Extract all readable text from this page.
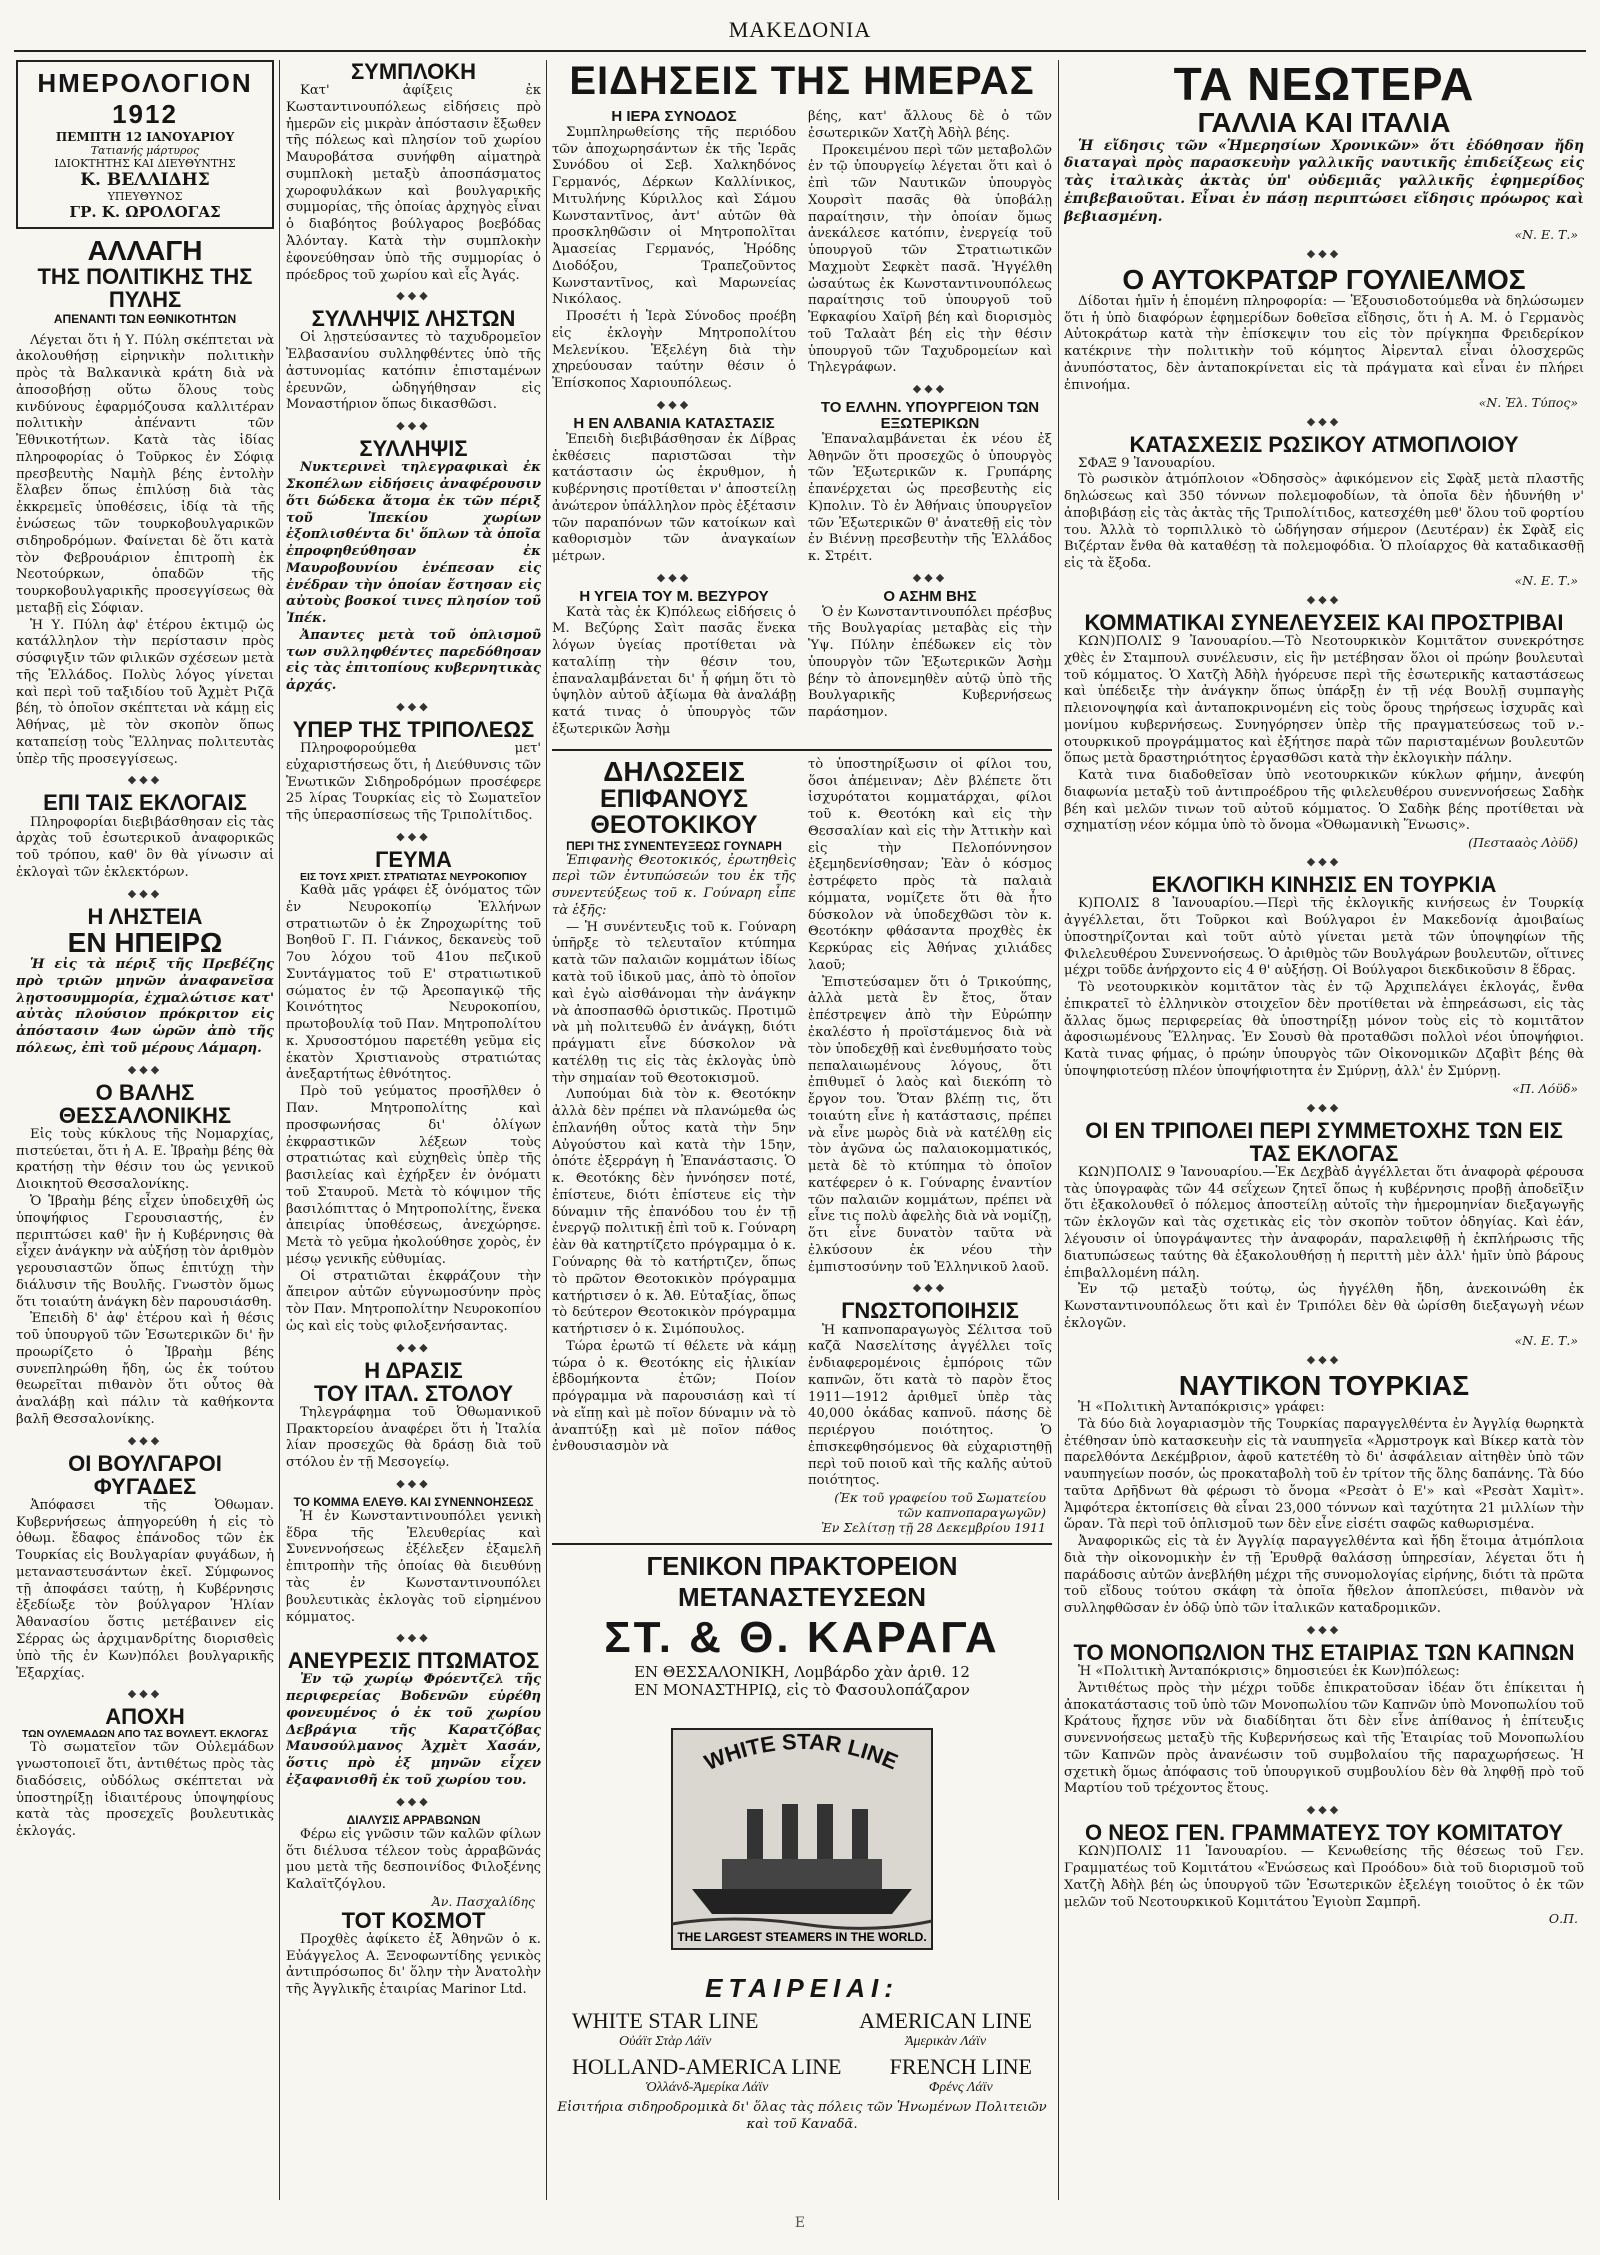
ΜΑΚΕΔΟΝΙΑ
ΗΜΕΡΟΛΟΓΙΟΝ
1912
ΠΕΜΠΤΗ 12 ΙΑΝΟΥΑΡΙΟΥ
Τατιανής μάρτυρος
ΙΔΙΟΚΤΗΤΗΣ ΚΑΙ ΔΙΕΥΘΥΝΤΗΣ
Κ. ΒΕΛΛΙΔΗΣ
ΥΠΕΥΘΥΝΟΣ
ΓΡ. Κ. ΩΡΟΛΟΓΑΣ
ΑΛΛΑΓΗ
ΤΗΣ ΠΟΛΙΤΙΚΗΣ ΤΗΣ ΠΥΛΗΣ
ΑΠΕΝΑΝΤΙ ΤΩΝ ΕΘΝΙΚΟΤΗΤΩΝ

Λέγεται ὅτι ἡ Υ. Πύλη σκέπτεται νὰ ἀκολουθήσῃ εἰρηνικὴν πολιτικὴν πρὸς τὰ Βαλκανικὰ κράτη διὰ νὰ ἀποσοβήσῃ οὕτω ὅλους τοὺς κινδύνους ἐφαρμόζουσα καλλιτέραν πολιτικὴν ἀπέναντι τῶν Ἐθνικοτήτων. Κατὰ τὰς ἰδίας πληροφορίας ὁ Τοῦρκος ἐν Σόφιᾳ πρεσβευτὴς Ναμὴλ βέης ἐντολὴν ἔλαβεν ὅπως ἐπιλύσῃ διὰ τὰς ἐκκρεμεῖς ὑποθέσεις, ἰδίᾳ τὰ τῆς ἐνώσεως τῶν τουρκοβουλγαρικῶν σιδηροδρόμων. Φαίνεται δὲ ὅτι κατὰ τὸν Φεβρουάριον ἐπιτροπὴ ἐκ Νεοτούρκων, ὁπαδῶν τῆς τουρκοβουλγαρικῆς προσεγγίσεως θὰ μεταβῇ εἰς Σόφιαν.

Ἡ Υ. Πύλη ἀφ' ἑτέρου ἐκτιμῷ ὡς κατάλληλον τὴν περίστασιν πρὸς σύσφιγξιν τῶν φιλικῶν σχέσεων μετὰ τῆς Ἑλλάδος. Πολὺς λόγος γίνεται καὶ περὶ τοῦ ταξιδίου τοῦ Ἀχμὲτ Ριζᾶ βέη, τὸ ὁποῖον σκέπτεται νὰ κάμῃ εἰς Ἀθήνας, μὲ τὸν σκοπὸν ὅπως καταπείσῃ τοὺς Ἕλληνας πολιτευτὰς ὑπὲρ τῆς προσεγγίσεως.

◆◆◆
ΕΠΙ ΤΑΙΣ ΕΚΛΟΓΑΙΣ

Πληροφορίαι διεβιβάσθησαν εἰς τὰς ἀρχὰς τοῦ ἐσωτερικοῦ ἀναφορικῶς τοῦ τρόπου, καθ' ὃν θὰ γίνωσιν αἱ ἐκλογαὶ τῶν ἐκλεκτόρων.

◆◆◆
Η ΛΗΣΤΕΙΑ
ΕΝ ΗΠΕΙΡΩ

Ἡ εἰς τὰ πέριξ τῆς Πρεβέζης πρὸ τριῶν μηνῶν ἀναφανεῖσα λῃστοσυμμορία, ἐχμαλώτισε κατ' αὐτὰς πλούσιον πρόκριτον εἰς ἀπόστασιν 4ων ὡρῶν ἀπὸ τῆς πόλεως, ἐπὶ τοῦ μέρους Λάμαρη.

◆◆◆
Ο ΒΑΛΗΣ ΘΕΣΣΑΛΟΝΙΚΗΣ

Εἰς τοὺς κύκλους τῆς Νομαρχίας, πιστεύεται, ὅτι ἡ Α. Ε. Ἰβραὴμ βέης θὰ κρατήσῃ τὴν θέσιν του ὡς γενικοῦ Διοικητοῦ Θεσσαλονίκης.

Ὁ Ἰβραὴμ βέης εἶχεν ὑποδειχθῆ ὡς ὑποψήφιος Γερουσιαστής, ἐν περιπτώσει καθ' ἣν ἡ Κυβέρνησις θὰ εἶχεν ἀνάγκην νὰ αὐξήσῃ τὸν ἀριθμὸν γερουσιαστῶν ὅπως ἐπιτύχῃ τὴν διάλυσιν τῆς Βουλῆς. Γνωστὸν ὅμως ὅτι τοιαύτη ἀνάγκη δὲν παρουσιάσθη.

Ἐπειδὴ δ' ἀφ' ἑτέρου καὶ ἡ θέσις τοῦ ὑπουργοῦ τῶν Ἐσωτερικῶν δι' ἣν προωρίζετο ὁ Ἰβραὴμ βέης συνεπληρώθη ἤδη, ὡς ἐκ τούτου θεωρεῖται πιθανὸν ὅτι οὗτος θὰ ἀναλάβῃ καὶ πάλιν τὰ καθήκοντα βαλῆ Θεσσαλονίκης.

◆◆◆
ΟΙ ΒΟΥΛΓΑΡΟΙ ΦΥΓΑΔΕΣ

Ἀπόφασει τῆς Ὀθωμαν. Κυβερνήσεως ἀπηγορεύθη ἡ εἰς τὸ ὀθωμ. ἔδαφος ἐπάνοδος τῶν ἐκ Τουρκίας εἰς Βουλγαρίαν φυγάδων, ἡ μεταναστευσάντων ἐκεῖ. Σύμφωνος τῇ ἀποφάσει ταύτῃ, ἡ Κυβέρνησις ἐξεδίωξε τὸν βούλγαρον Ἠλίαν Ἀθανασίου ὅστις μετέβαινεν εἰς Σέρρας ὡς ἀρχιμανδρίτης διορισθεὶς ὑπὸ τῆς ἐν Κων)πόλει βουλγαρικῆς Ἐξαρχίας.

◆◆◆
ΑΠΟΧΗ
ΤΩΝ ΟΥΛΕΜΑΔΩΝ ΑΠΟ ΤΑΣ ΒΟΥΛΕΥΤ. ΕΚΛΟΓΑΣ

Τὸ σωματεῖον τῶν Οὐλεμάδων γνωστοποιεῖ ὅτι, ἀντιθέτως πρὸς τὰς διαδόσεις, οὐδόλως σκέπτεται νὰ ὑποστηρίξῃ ἰδιαιτέρους ὑποψηφίους κατὰ τὰς προσεχεῖς βουλευτικὰς ἐκλογάς.

ΣΥΜΠΛΟΚΗ

Κατ' ἀφίξεις ἐκ Κωσταντινουπόλεως εἰδήσεις πρὸ ἡμερῶν εἰς μικρὰν ἀπόστασιν ἔξωθεν τῆς πόλεως καὶ πλησίον τοῦ χωρίου Μαυροβάτσα συνήφθη αἱματηρὰ συμπλοκὴ μεταξὺ ἀποσπάσματος χωροφυλάκων καὶ βουλγαρικῆς συμμορίας, τῆς ὁποίας ἀρχηγὸς εἶναι ὁ διαβόητος βούλγαρος βοεβόδας Ἀλόνταγ. Κατὰ τὴν συμπλοκὴν ἐφονεύθησαν ὑπὸ τῆς συμμορίας ὁ πρόεδρος τοῦ χωρίου καὶ εἷς Ἀγάς.

◆◆◆
ΣΥΛΛΗΨΙΣ ΛΗΣΤΩΝ

Οἱ λῃστεύσαντες τὸ ταχυδρομεῖον Ἐλβασανίου συλληφθέντες ὑπὸ τῆς ἀστυνομίας κατόπιν ἐπισταμένων ἐρευνῶν, ὡδηγήθησαν εἰς Μοναστήριον ὅπως δικασθῶσι.

◆◆◆
ΣΥΛΛΗΨΙΣ

Νυκτερινεὶ τηλεγραφικαὶ ἐκ Σκοπέλων εἰδήσεις ἀναφέρουσιν ὅτι δώδεκα ἄτομα ἐκ τῶν πέριξ τοῦ Ἰπεκίου χωρίων ἐξοπλισθέντα δι' ὅπλων τὰ ὁποῖα ἐπροφηθεύθησαν ἐκ Μαυροβουνίου ἐνέπεσαν εἰς ἐνέδραν τὴν ὁποίαν ἔστησαν εἰς αὐτοὺς βοσκοί τινες πλησίον τοῦ Ἰπέκ.

Ἀπαντες μετὰ τοῦ ὁπλισμοῦ των συλληφθέντες παρεδόθησαν εἰς τὰς ἐπιτοπίους κυβερνητικὰς ἀρχάς.

◆◆◆
ΥΠΕΡ ΤΗΣ ΤΡΙΠΟΛΕΩΣ

Πληροφορούμεθα μετ' εὐχαριστήσεως ὅτι, ἡ Διεύθυνσις τῶν Ἑνωτικῶν Σιδηροδρόμων προσέφερε 25 λίρας Τουρκίας εἰς τὸ Σωματεῖον τῆς ὑπερασπίσεως τῆς Τριπολίτιδος.

◆◆◆
ΓΕΥΜΑ
ΕΙΣ ΤΟΥΣ ΧΡΙΣΤ. ΣΤΡΑΤΙΩΤΑΣ ΝΕΥΡΟΚΟΠΙΟΥ

Καθὰ μᾶς γράφει ἐξ ὀνόματος τῶν ἐν Νευροκοπίῳ Ἑλλήνων στρατιωτῶν ὁ ἐκ Ζηροχωρίτης τοῦ Βοηθοῦ Γ. Π. Γιάνκος, δεκανεὺς τοῦ 7ου λόχου τοῦ 41ου πεζικοῦ Συντάγματος τοῦ Ε' στρατιωτικοῦ σώματος ἐν τῷ Ἀρεοπαγικῷ τῆς Κοινότητος Νευροκοπίου, πρωτοβουλίᾳ τοῦ Παν. Μητροπολίτου κ. Χρυσοστόμου παρετέθη γεῦμα εἰς ἑκατὸν Χριστιανοὺς στρατιώτας ἀνεξαρτήτως ἐθνότητος.

Πρὸ τοῦ γεύματος προσῆλθεν ὁ Παν. Μητροπολίτης καὶ προσφωνήσας δι' ὀλίγων ἐκφραστικῶν λέξεων τοὺς στρατιώτας καὶ εὐχηθεὶς ὑπὲρ τῆς βασιλείας καὶ ἐχήρξεν ἐν ὀνόματι τοῦ Σταυροῦ. Μετὰ τὸ κόψιμον τῆς βασιλόπιττας ὁ Μητροπολίτης, ἕνεκα ἀπειρίας ὑποθέσεως, ἀνεχώρησε. Μετὰ τὸ γεῦμα ἠκολούθησε χορὸς, ἐν μέσῳ γενικῆς εὐθυμίας.

Οἱ στρατιῶται ἐκφράζουν τὴν ἄπειρον αὐτῶν εὐγνωμοσύνην πρὸς τὸν Παν. Μητροπολίτην Νευροκοπίου ὡς καὶ εἰς τοὺς φιλοξενήσαντας.

◆◆◆
Η ΔΡΑΣΙΣ
ΤΟΥ ΙΤΑΛ. ΣΤΟΛΟΥ

Τηλεγράφημα τοῦ Ὀθωμανικοῦ Πρακτορείου ἀναφέρει ὅτι ἡ Ἰταλία λίαν προσεχῶς θὰ δράσῃ διὰ τοῦ στόλου ἐν τῇ Μεσογείῳ.

◆◆◆
ΤΟ ΚΟΜΜΑ ΕΛΕΥΘ. ΚΑΙ ΣΥΝΕΝΝΟΗΣΕΩΣ

Ἡ ἐν Κωνσταντινουπόλει γενικὴ ἕδρα τῆς Ἐλευθερίας καὶ Συνεννοήσεως ἐξέλεξεν ἐξαμελῆ ἐπιτροπὴν τῆς ὁποίας θὰ διευθύνῃ τὰς ἐν Κωνσταντινουπόλει βουλευτικὰς ἐκλογὰς τοῦ εἰρημένου κόμματος.

◆◆◆
ΑΝΕΥΡΕΣΙΣ ΠΤΩΜΑΤΟΣ

Ἐν τῷ χωρίῳ Φρόεντζελ τῆς περιφερείας Βοδενῶν εὑρέθη φονευμένος ὁ ἐκ τοῦ χωρίου Δεβράγια τῆς Καρατζόβας Μαυσούλμανος Ἀχμὲτ Χασάν, ὅστις πρὸ ἐξ μηνῶν εἶχεν ἐξαφανισθῆ ἐκ τοῦ χωρίου του.

◆◆◆
ΔΙΑΛΥΣΙΣ ΑΡΡΑΒΩΝΩΝ

Φέρω εἰς γνῶσιν τῶν καλῶν φίλων ὅτι διέλυσα τέλεον τοὺς ἀρραβῶνάς μου μετὰ τῆς δεσποινίδος Φιλοξένης Καλαϊτζόγλου.

Ἀν. Πασχαλίδης
ΤΟΤ ΚΟΣΜΟΤ

Προχθὲς ἀφίκετο ἐξ Ἀθηνῶν ὁ κ. Εὐάγγελος Α. Ξενοφωντίδης γενικὸς ἀντιπρόσωπος δι' ὅλην τὴν Ἀνατολὴν τῆς Ἀγγλικῆς ἑταιρίας Marinor Ltd.

ΕΙΔΗΣΕΙΣ ΤΗΣ ΗΜΕΡΑΣ
Η ΙΕΡΑ ΣΥΝΟΔΟΣ

Συμπληρωθείσης τῆς περιόδου τῶν ἀποχωρησάντων ἐκ τῆς Ἱερᾶς Συνόδου οἱ Σεβ. Χαλκηδόνος Γερμανός, Δέρκων Καλλίνικος, Μιτυλήνης Κύριλλος καὶ Σάμου Κωνσταντῖνος, ἀντ' αὐτῶν θὰ προσκληθῶσιν οἱ Μητροπολῖται Ἀμασείας Γερμανός, Ἡρόδης Διοδόξου, Τραπεζοῦντος Κωνσταντῖνος, καὶ Μαρωνείας Νικόλαος.

Προσέτι ἡ Ἱερὰ Σύνοδος προέβη εἰς ἐκλογὴν Μητροπολίτου Μελενίκου. Ἐξελέγη διὰ τὴν χηρεύουσαν ταύτην θέσιν ὁ Ἐπίσκοπος Χαριουπόλεως.

◆◆◆
Η ΕΝ ΑΛΒΑΝΙΑ ΚΑΤΑΣΤΑΣΙΣ

Ἐπειδὴ διεβιβάσθησαν ἐκ Δίβρας ἐκθέσεις παριστῶσαι τὴν κατάστασιν ὡς ἐκρυθμον, ἡ κυβέρνησις προτίθεται ν' ἀποστείλῃ ἀνώτερον ὑπάλληλον πρὸς ἐξέτασιν τῶν παραπόνων τῶν κατοίκων καὶ καθορισμὸν τῶν ἀναγκαίων μέτρων.

◆◆◆
Η ΥΓΕΙΑ ΤΟΥ Μ. ΒΕΖΥΡΟΥ

Κατὰ τὰς ἐκ Κ)πόλεως εἰδήσεις ὁ Μ. Βεζύρης Σαὶτ πασᾶς ἕνεκα λόγων ὑγείας προτίθεται νὰ καταλίπῃ τὴν θέσιν του, ἐπαναλαμβάνεται δι' ἧ φήμη ὅτι τὸ ὑψηλὸν αὐτοῦ ἀξίωμα θὰ ἀναλάβῃ κατά τινας ὁ ὑπουργὸς τῶν ἐξωτερικῶν Ἀσὴμ

βέης, κατ' ἄλλους δὲ ὁ τῶν ἐσωτερικῶν Χατζὴ Ἀδὴλ βέης.

Προκειμένου περὶ τῶν μεταβολῶν ἐν τῷ ὑπουργείῳ λέγεται ὅτι καὶ ὁ ἐπὶ τῶν Ναυτικῶν ὑπουργὸς Χουρσὶτ πασᾶς θὰ ὑποβάλῃ παραίτησιν, τὴν ὁποίαν ὅμως ἀνεκάλεσε κατόπιν, ἐνεργείᾳ τοῦ ὑπουργοῦ τῶν Στρατιωτικῶν Μαχμοὺτ Σεφκὲτ πασᾶ. Ἠγγέλθη ὡσαύτως ἐκ Κωνσταντινουπόλεως παραίτησις τοῦ ὑπουργοῦ τοῦ Ἐφκαφίου Χαϊρῆ βέη καὶ διορισμὸς τοῦ Ταλαὰτ βέη εἰς τὴν θέσιν ὑπουργοῦ τῶν Ταχυδρομείων καὶ Τηλεγράφων.

◆◆◆
ΤΟ ΕΛΛΗΝ. ΥΠΟΥΡΓΕΙΟΝ ΤΩΝ ΕΞΩΤΕΡΙΚΩΝ

Ἐπαναλαμβάνεται ἐκ νέου ἐξ Ἀθηνῶν ὅτι προσεχῶς ὁ ὑπουργὸς τῶν Ἐξωτερικῶν κ. Γρυπάρης ἐπανέρχεται ὡς πρεσβευτὴς εἰς Κ)πολιν. Τὸ ἐν Ἀθήναις ὑπουργεῖον τῶν Ἐξωτερικῶν θ' ἀνατεθῇ εἰς τὸν ἐν Βιέννῃ πρεσβευτὴν τῆς Ἑλλάδος κ. Στρέιτ.

◆◆◆
Ο ΑΣΗΜ ΒΗΣ

Ὁ ἐν Κωνσταντινουπόλει πρέσβυς τῆς Βουλγαρίας μεταβὰς εἰς τὴν Ὑψ. Πύλην ἐπέδωκεν εἰς τὸν ὑπουργὸν τῶν Ἐξωτερικῶν Ἀσὴμ βέην τὸ ἀπονεμηθὲν αὐτῷ ὑπὸ τῆς Βουλγαρικῆς Κυβερνήσεως παράσημον.

ΔΗΛΩΣΕΙΣ
ΕΠΙΦΑΝΟΥΣ ΘΕΟΤΟΚΙΚΟΥ
ΠΕΡΙ ΤΗΣ ΣΥΝΕΝΤΕΥΞΕΩΣ ΓΟΥΝΑΡΗ

Ἐπιφανὴς Θεοτοκικός, ἐρωτηθεὶς περὶ τῶν ἐντυπώσεών του ἐκ τῆς συνεντεύξεως τοῦ κ. Γούναρη εἶπε τὰ ἑξῆς:

— Ἡ συνέντευξις τοῦ κ. Γούναρη ὑπῆρξε τὸ τελευταῖον κτύπημα κατὰ τῶν παλαιῶν κομμάτων ἰδίως κατὰ τοῦ ἰδικοῦ μας, ἀπὸ τὸ ὁποῖον καὶ ἐγὼ αἰσθάνομαι τὴν ἀνάγκην νὰ ἀποσπασθῶ ὁριστικῶς. Προτιμῶ νὰ μὴ πολιτευθῶ ἐν ἀνάγκῃ, διότι πράγματι εἶνε δύσκολον νὰ κατέλθῃ τις εἰς τὰς ἐκλογὰς ὑπὸ τὴν σημαίαν τοῦ Θεοτοκισμοῦ.

Λυπούμαι διὰ τὸν κ. Θεοτόκην ἀλλὰ δὲν πρέπει νὰ πλανώμεθα ὡς ἐπλανήθη οὗτος κατὰ τὴν 5ην Αὐγούστου καὶ κατὰ τὴν 15ην, ὁπότε ἐξερράγη ἡ Ἐπανάστασις. Ὁ κ. Θεοτόκης δὲν ἠννόησεν ποτέ, ἐπίστευε, διότι ἐπίστευε εἰς τὴν δύναμιν τῆς ἐπανόδου του ἐν τῇ ἐνεργῷ πολιτικῇ ἐπὶ τοῦ κ. Γούναρη ἐὰν θὰ κατηρτίζετο πρόγραμμα ὁ κ. Γούναρης θὰ τὸ κατήρτιζεν, ὅπως τὸ πρῶτον Θεοτοκικὸν πρόγραμμα κατήρτισεν ὁ κ. Ἀθ. Εὐταξίας, ὅπως τὸ δεύτερον Θεοτοκικὸν πρόγραμμα κατήρτισεν ὁ κ. Σιμόπουλος.

Τώρα ἐρωτῶ τί θέλετε νὰ κάμῃ τώρα ὁ κ. Θεοτόκης εἰς ἡλικίαν ἑβδομήκοντα ἐτῶν; Ποίον πρόγραμμα νὰ παρουσιάσῃ καὶ τί νὰ εἴπῃ καὶ μὲ ποῖον δύναμιν νὰ τὸ ἀναπτύξῃ καὶ μὲ ποῖον πάθος ἐνθουσιασμὸν νὰ

τὸ ὑποστηρίξωσιν οἱ φίλοι του, ὅσοι ἀπέμειναν; Δὲν βλέπετε ὅτι ἰσχυρότατοι κομματάρχαι, φίλοι τοῦ κ. Θεοτόκη καὶ εἰς τὴν Θεσσαλίαν καὶ εἰς τὴν Ἀττικὴν καὶ εἰς τὴν Πελοπόννησον ἐξεμηδενίσθησαν; Ἐὰν ὁ κόσμος ἐστρέφετο πρὸς τὰ παλαιὰ κόμματα, νομίζετε ὅτι θὰ ἦτο δύσκολον νὰ ὑποδεχθῶσι τὸν κ. Θεοτόκην φθάσαντα προχθὲς ἐκ Κερκύρας εἰς Ἀθήνας χιλιάδες λαοῦ;

Ἐπιστεύσαμεν ὅτι ὁ Τρικούπης, ἀλλὰ μετὰ ἓν ἔτος, ὅταν ἐπέστρεψεν ἀπὸ τὴν Εὐρώπην ἐκαλέστο ἡ προϊστάμενος διὰ νὰ τὸν ὑποδεχθῇ καὶ ἐνεθυμήσατο τοὺς πεπαλαιωμένους λόγους, ὅτι ἐπιθυμεῖ ὁ λαὸς καὶ διεκόπη τὸ ἔργον του. Ὅταν βλέπῃ τις, ὅτι τοιαύτη εἶνε ἡ κατάστασις, πρέπει νὰ εἶνε μωρὸς διὰ νὰ κατέλθῃ εἰς τὸν ἀγῶνα ὡς παλαιοκομματικός, μετὰ δὲ τὸ κτύπημα τὸ ὁποῖον κατέφερεν ὁ κ. Γούναρης ἐναντίον τῶν παλαιῶν κομμάτων, πρέπει νὰ εἶνε τις πολὺ ἀφελὴς διὰ νὰ νομίζῃ, ὅτι εἶνε δυνατὸν ταῦτα νὰ ἐλκύσουν ἐκ νέου τὴν ἐμπιστοσύνην τοῦ Ἑλληνικοῦ λαοῦ.

◆◆◆
ΓΝΩΣΤΟΠΟΙΗΣΙΣ

Ἡ καπνοπαραγωγὸς Σέλιτσα τοῦ καζᾶ Νασελίτσης ἀγγέλλει τοῖς ἐνδιαφερομένοις ἐμπόροις τῶν καπνῶν, ὅτι κατὰ τὸ παρὸν ἔτος 1911—1912 ἀριθμεῖ ὑπὲρ τὰς 40,000 ὀκάδας καπνοῦ. πάσης δὲ περιέργου ποιότητος. Ὁ ἐπισκεφθησόμενος θὰ εὐχαριστηθῇ περὶ τοῦ ποιοῦ καὶ τῆς καλῆς αὐτοῦ ποιότητος.

(Ἐκ τοῦ γραφείου τοῦ Σωματείου τῶν καπνοπαραγωγῶν)
Ἐν Σελίτσῃ τῇ 28 Δεκεμβρίου 1911
ΓΕΝΙΚΟΝ ΠΡΑΚΤΟΡΕΙΟΝ ΜΕΤΑΝΑΣΤΕΥΣΕΩΝ
ΣΤ. & Θ. ΚΑΡΑΓΑ
ΕΝ ΘΕΣΣΑΛΟΝΙΚΗ, Λομβάρδο χὰν ἀριθ. 12
ΕΝ ΜΟΝΑΣΤΗΡΙῼ, εἰς τὸ Φασουλοπάζαρον
WHITE STAR LINE
THE LARGEST STEAMERS IN THE WORLD.
ΕΤΑΙΡΕΙΑΙ:
WHITE STAR LINE
Οὐάϊτ Στὰρ Λάϊν
AMERICAN LINE
Ἀμερικὰν Λάϊν
HOLLAND-AMERICA LINE
Ὁλλάνδ-Ἀμερίκα Λάϊν
FRENCH LINE
Φρένς Λάϊν

Εἰσιτήρια σιδηροδρομικὰ δι' ὅλας τὰς πόλεις τῶν Ἡνωμένων Πολιτειῶν καὶ τοῦ Καναδᾶ.

ΤΑ ΝΕΩΤΕΡΑ
ΓΑΛΛΙΑ ΚΑΙ ΙΤΑΛΙΑ

Ἡ εἴδησις τῶν «Ἡμερησίων Χρονικῶν» ὅτι ἐδόθησαν ἤδη διαταγαὶ πρὸς παρασκευὴν γαλλικῆς ναυτικῆς ἐπιδείξεως εἰς τὰς ἰταλικὰς ἀκτὰς ὑπ' οὐδεμιᾶς γαλλικῆς ἐφημερίδος ἐπιβεβαιοῦται. Εἶναι ἐν πάσῃ περιπτώσει εἴδησις πρόωρος καὶ βεβιασμένη.

«Ν. Ε. Τ.»
◆◆◆
Ο ΑΥΤΟΚΡΑΤΩΡ ΓΟΥΛΙΕΛΜΟΣ

Δίδοται ἡμῖν ἡ ἑπομένη πληροφορία: — Ἐξουσιοδοτούμεθα νὰ δηλώσωμεν ὅτι ἡ ὑπὸ διαφόρων ἐφημερίδων δοθεῖσα εἴδησις, ὅτι ἡ Α. Μ. ὁ Γερμανὸς Αὐτοκράτωρ κατὰ τὴν ἐπίσκεψιν του εἰς τὸν πρίγκηπα Φρειδερίκον κατέκρινε τὴν πολιτικὴν τοῦ κόμητος Ἀἰρενταλ εἶναι ὁλοσχερῶς ἀνυπόστατος, δὲν ἀνταποκρίνεται εἰς τὰ πράγματα καὶ εἶναι ἐν πλήρει ἐπινοήμα.

«Ν. Ἐλ. Τύπος»
◆◆◆
ΚΑΤΑΣΧΕΣΙΣ ΡΩΣΙΚΟΥ ΑΤΜΟΠΛΟΙΟΥ

ΣΦΑΞ 9 Ἰανουαρίου.

Τὸ ρωσικὸν ἀτμόπλοιον «Ὀδησσὸς» ἀφικόμενον εἰς Σφὰξ μετὰ πλαστῆς δηλώσεως καὶ 350 τόννων πολεμοφοδίων, τὰ ὁποῖα δὲν ἠδυνήθη ν' ἀποβιβάσῃ εἰς τὰς ἀκτὰς τῆς Τριπολίτιδος, κατεσχέθη μεθ' ὅλου τοῦ φορτίου του. Ἀλλὰ τὸ τορπιλλικὸ τὸ ὡδήγησαν σήμερον (Δευτέραν) ἐκ Σφὰξ εἰς Βιζέρταν ἔνθα θὰ καταθέσῃ τὰ πολεμοφόδια. Ὁ πλοίαρχος θὰ καταδικασθῇ εἰς τὰ ἔξοδα.

«Ν. Ε. Τ.»
◆◆◆
ΚΟΜΜΑΤΙΚΑΙ ΣΥΝΕΛΕΥΣΕΙΣ ΚΑΙ ΠΡΟΣΤΡΙΒΑΙ

ΚΩΝ)ΠΟΛΙΣ 9 Ἰανουαρίου.—Τὸ Νεοτουρκικὸν Κομιτᾶτον συνεκρότησε χθὲς ἐν Σταμπουλ συνέλευσιν, εἰς ἣν μετέβησαν ὅλοι οἱ πρώην βουλευταὶ τοῦ κόμματος. Ὁ Χατζὴ Ἀδὴλ ἡγόρευσε περὶ τῆς ἐσωτερικῆς καταστάσεως καὶ ὑπέδειξε τὴν ἀνάγκην ὅπως ὑπάρξῃ ἐν τῇ νέᾳ Βουλῇ συμπαγὴς πλειονοψηφία καὶ ἀνταποκρινομένη εἰς τοὺς ὅρους τηρήσεως ἰσχυρᾶς καὶ μονίμου κυβερνήσεως. Συνηγόρησεν ὑπὲρ τῆς πραγματεύσεως τοῦ ν.-οτουρκικοῦ προγράμματος καὶ ἐξήτησε παρὰ τῶν παρισταμένων βουλευτῶν ὅπως μετὰ δραστηριότητος ἐργασθῶσι κατὰ τὴν ἐκλογικὴν πάλην.

Κατὰ τινα διαδοθεῖσαν ὑπὸ νεοτουρκικῶν κύκλων φήμην, ἀνεφύη διαφωνία μεταξὺ τοῦ ἀντιπροέδρου τῆς φιλελευθέρου συνεννοήσεως Σαδὴκ βέη καὶ μελῶν τινων τοῦ αὐτοῦ κόμματος. Ὁ Σαδὴκ βέης προτίθεται νὰ σχηματίσῃ νέον κόμμα ὑπὸ τὸ ὄνομα «Ὀθωμανικὴ Ἕνωσις».

(Πεστααὸς Λὸϋδ)
◆◆◆
ΕΚΛΟΓΙΚΗ ΚΙΝΗΣΙΣ ΕΝ ΤΟΥΡΚΙΑ

Κ)ΠΟΛΙΣ 8 Ἰανουαρίου.—Περὶ τῆς ἐκλογικῆς κινήσεως ἐν Τουρκίᾳ ἀγγέλλεται, ὅτι Τοῦρκοι καὶ Βούλγαροι ἐν Μακεδονίᾳ ἀμοιβαίως ὑποστηρίζονται καὶ τοῦτ αὐτὸ γίνεται μετὰ τῶν ὑποψηφίων τῆς Φιλελευθέρου Συνεννοήσεως. Ὁ ἀριθμὸς τῶν Βουλγάρων βουλευτῶν, οἵτινες μέχρι τοῦδε ἀνήρχοντο εἰς 4 θ' αὐξήσῃ. Οἱ Βούλγαροι διεκδικοῦσιν 8 ἕδρας.

Τὸ νεοτουρκικὸν κομιτᾶτον τὰς ἐν τῷ Ἀρχιπελάγει ἐκλογάς, ἔνθα ἐπικρατεῖ τὸ ἑλληνικὸν στοιχεῖον δὲν προτίθεται νὰ ἐπηρεάσωσι, εἰς τὰς ἄλλας ὅμως περιφερείας θὰ ὑποστηρίξῃ μόνον τοὺς εἰς τὸ κομιτᾶτον ἀφοσιωμένους Ἕλληνας. Ἐν Σουσὺ θὰ προταθῶσι πολλοὶ νέοι ὑποψήφιοι. Κατὰ τινας φήμας, ὁ πρώην ὑπουργὸς τῶν Οἰκονομικῶν Δζαβὶτ βέης θὰ ὑποψηφιοτεύσῃ πλέον ὑποψήφιοτητα ἐν Σμύρνῃ, ἀλλ' ἐν Σμύρνῃ.

«Π. Λόϋδ»
◆◆◆
ΟΙ ΕΝ ΤΡΙΠΟΛΕΙ ΠΕΡΙ ΣΥΜΜΕΤΟΧΗΣ ΤΩΝ ΕΙΣ ΤΑΣ ΕΚΛΟΓΑΣ

ΚΩΝ)ΠΟΛΙΣ 9 Ἰανουαρίου.—Ἐκ Δεχβὰδ ἀγγέλλεται ὅτι ἀναφορὰ φέρουσα τὰς ὑπογραφὰς τῶν 44 σεΐχεων ζητεῖ ὅπως ἡ κυβέρνησις προβῇ ἀποδεῖξιν ὅτι ἐξακολουθεῖ ὁ πόλεμος ἀποστείλῃ αὐτοῖς τὴν ἡμερομηνίαν διεξαγωγῆς τῶν ἐκλογῶν καὶ τὰς σχετικὰς εἰς τὸν σκοπὸν τοῦτον ὁδηγίας. Καὶ ἐάν, λέγουσιν οἱ ὑπογράψαντες τὴν ἀναφοράν, παραλειφθῇ ἡ ἐκπλήρωσις τῆς διατυπώσεως ταύτης θὰ ἐξακολουθήσῃ ἡ περιττὴ μὲν ἀλλ' ἡμῖν ὑπὸ βάρους ἐπιβαλλομένη πάλη.

Ἐν τῷ μεταξὺ τούτῳ, ὡς ἠγγέλθη ἤδη, ἀνεκοινώθη ἐκ Κωνσταντινουπόλεως ὅτι καὶ ἐν Τριπόλει δὲν θὰ ὡρίσθη διεξαγωγὴ νέων ἐκλογῶν.

«Ν. Ε. Τ.»
◆◆◆
ΝΑΥΤΙΚΟΝ ΤΟΥΡΚΙΑΣ

Ἡ «Πολιτικὴ Ἀνταπόκρισις» γράφει:

Τὰ δύο διὰ λογαριασμὸν τῆς Τουρκίας παραγγελθέντα ἐν Ἀγγλίᾳ θωρηκτὰ ἐτέθησαν ὑπὸ κατασκευὴν εἰς τὰ ναυπηγεῖα «Ἀρμστρογκ καὶ Βίκερ κατὰ τὸν παρελθόντα Δεκέμβριον, ἀφοῦ κατετέθη τὸ δι' ἀσφάλειαν αἰτηθὲν ὑπὸ τῶν ναυπηγείων ποσόν, ὡς προκαταβολὴ τοῦ ἐν τρίτον τῆς ὅλης δαπάνης. Τὰ δύο ταῦτα Δρῆδνωτ θὰ φέρωσι τὸ ὄνομα «Ρεσὰτ ὁ Ε'» καὶ «Ρεσὰτ Χαμὶτ». Ἀμφότερα ἐκτοπίσεις θὰ εἶναι 23,000 τόννων καὶ ταχύτητα 21 μιλλίων τὴν ὥραν. Τὰ περὶ τοῦ ὁπλισμοῦ των δὲν εἶνε εἰσέτι σαφῶς καθωρισμένα.

Ἀναφορικῶς εἰς τὰ ἐν Ἀγγλίᾳ παραγγελθέντα καὶ ἤδη ἕτοιμα ἀτμόπλοια διὰ τὴν οἰκονομικὴν ἐν τῇ Ἐρυθρᾷ θαλάσσῃ ὑπηρεσίαν, λέγεται ὅτι ἡ παράδοσις αὐτῶν ἀνεβλήθη μέχρι τῆς συνομολογίας εἰρήνης, διότι τὰ πρῶτα τοῦ εἴδους τούτου σκάφη τὰ ὁποῖα ἤθελον ἀποπλεύσει, πιθανὸν νὰ συλληφθῶσαν ἐν ὁδῷ ὑπὸ τῶν ἰταλικῶν καταδρομικῶν.

◆◆◆
ΤΟ ΜΟΝΟΠΩΛΙΟΝ ΤΗΣ ΕΤΑΙΡΙΑΣ ΤΩΝ ΚΑΠΝΩΝ

Ἡ «Πολιτικὴ Ἀνταπόκρισις» δημοσιεύει ἐκ Κων)πόλεως:

Ἀντιθέτως πρὸς τὴν μέχρι τοῦδε ἐπικρατοῦσαν ἰδέαν ὅτι ἐπίκειται ἡ ἀποκατάστασις τοῦ ὑπὸ τῶν Μονοπωλίου τῶν Καπνῶν ὑπὸ Μονοπωλίου τοῦ Κράτους ἤχησε νῦν νὰ διαδίδηται ὅτι δὲν εἶνε ἀπίθανος ἡ ἐπίτευξις συνεννοήσεως μεταξὺ τῆς Κυβερνήσεως καὶ τῆς Ἑταιρίας τοῦ Μονοπωλίου τῶν Καπνῶν πρὸς ἀνανέωσιν τοῦ συμβολαίου τῆς παραχωρήσεως. Ἡ σχετικὴ ὅμως ἀπόφασις τοῦ ὑπουργικοῦ συμβουλίου δὲν θὰ ληφθῇ πρὸ τοῦ Μαρτίου τοῦ τρέχοντος ἔτους.

◆◆◆
Ο ΝΕΟΣ ΓΕΝ. ΓΡΑΜΜΑΤΕΥΣ ΤΟΥ ΚΟΜΙΤΑΤΟΥ

ΚΩΝ)ΠΟΛΙΣ 11 Ἰανουαρίου. — Κενωθείσης τῆς θέσεως τοῦ Γεν. Γραμματέως τοῦ Κομιτάτου «Ἑνώσεως καὶ Προόδου» διὰ τοῦ διορισμοῦ τοῦ Χατζὴ Ἀδὴλ βέη ὡς ὑπουργοῦ τῶν Ἐσωτερικῶν ἐξελέγη τοιοῦτος ὁ ἐκ τῶν μελῶν τοῦ Νεοτουρκικοῦ Κομιτάτου Ἐγιοὺπ Σαμπρῆ.

Ο.Π.
Ε
